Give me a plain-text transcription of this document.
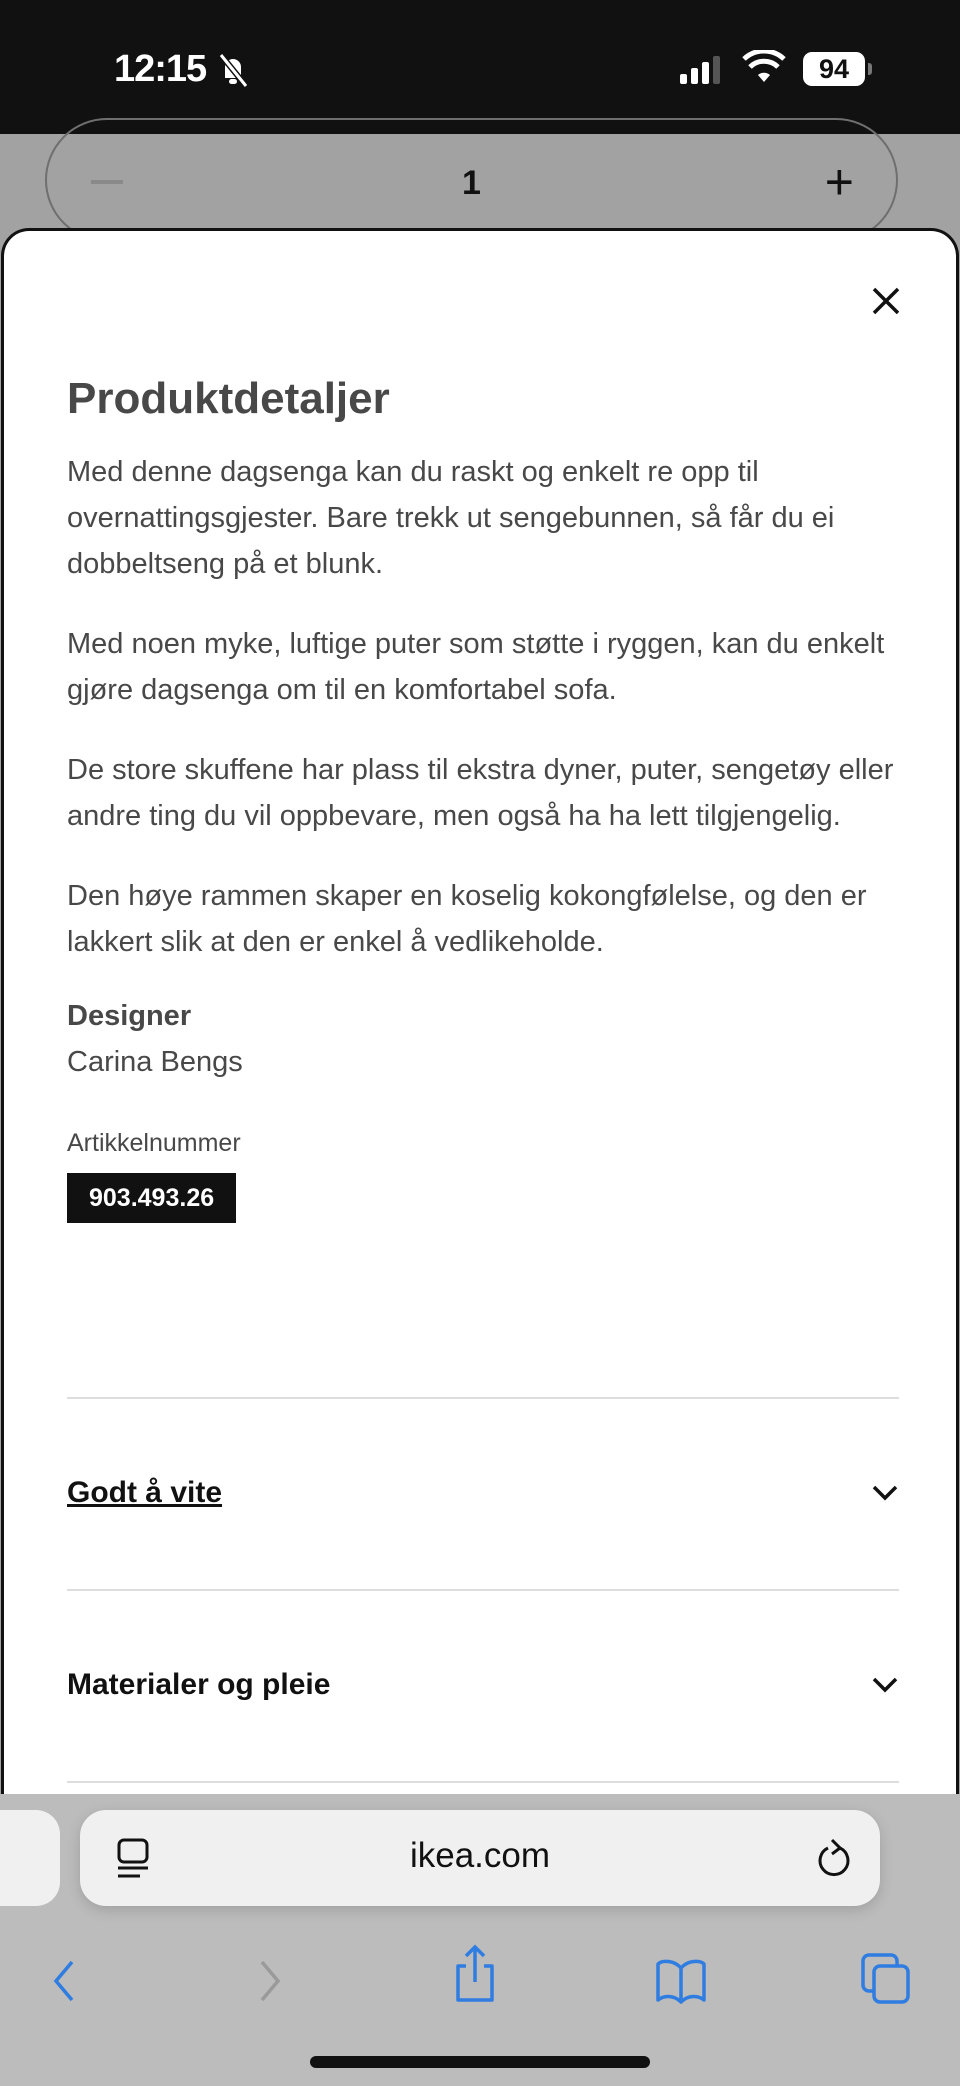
12:15	94
1	+
Produktdetaljer

Med denne dagsenga kan du raskt og enkelt re opp til overnattingsgjester. Bare trekk ut sengebunnen, så får du ei dobbeltseng på et blunk.

Med noen myke, luftige puter som støtte i ryggen, kan du enkelt gjøre dagsenga om til en komfortabel sofa.

De store skuffene har plass til ekstra dyner, puter, sengetøy eller andre ting du vil oppbevare, men også ha ha lett tilgjengelig.

Den høye rammen skaper en koselig kokongfølelse, og den er lakkert slik at den er enkel å vedlikeholde.

Designer
Carina Bengs
Artikkelnummer
903.493.26
Godt å vite
Materialer og pleie
ikea.com
